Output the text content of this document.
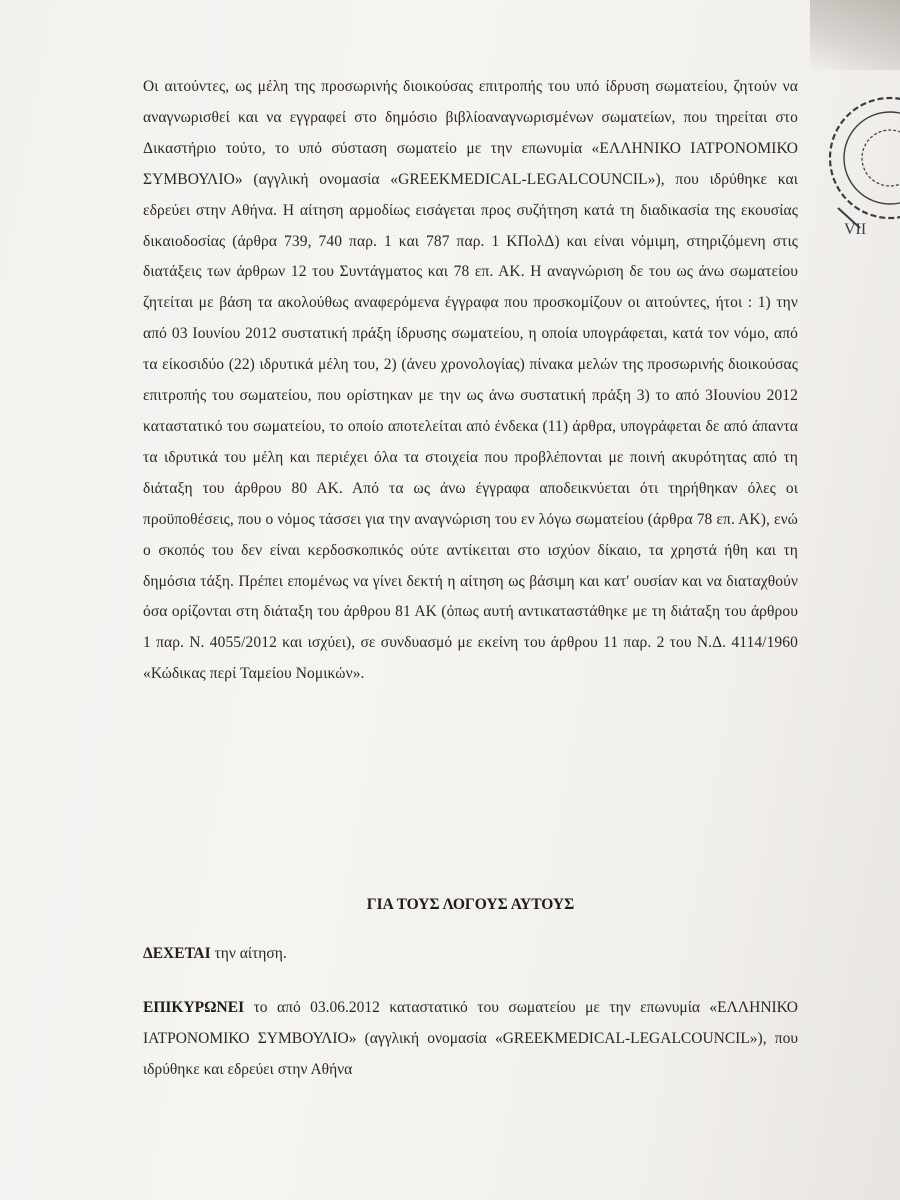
Οι αιτούντες, ως μέλη της προσωρινής διοικούσας επιτροπής του υπό ίδρυση σωματείου, ζητούν να αναγνωρισθεί και να εγγραφεί στο δημόσιο βιβλίοαναγνωρισμένων σωματείων, που τηρείται στο Δικαστήριο τούτο, το υπό σύσταση σωματείο με την επωνυμία «ΕΛΛΗΝΙΚΟ ΙΑΤΡΟΝΟΜΙΚΟ ΣΥΜΒΟΥΛΙΟ» (αγγλική ονομασία «GREEKMEDICAL-LEGALCOUNCIL»), που ιδρύθηκε και εδρεύει στην Αθήνα. Η αίτηση αρμοδίως εισάγεται προς συζήτηση κατά τη διαδικασία της εκουσίας δικαιοδοσίας (άρθρα 739, 740 παρ. 1 και 787 παρ. 1 ΚΠολΔ) και είναι νόμιμη, στηριζόμενη στις διατάξεις των άρθρων 12 του Συντάγματος και 78 επ. ΑΚ. Η αναγνώριση δε του ως άνω σωματείου ζητείται με βάση τα ακολούθως αναφερόμενα έγγραφα που προσκομίζουν οι αιτούντες, ήτοι : 1) την από 03 Ιουνίου 2012 συστατική πράξη ίδρυσης σωματείου, η οποία υπογράφεται, κατά τον νόμο, από τα είκοσιδύο (22) ιδρυτικά μέλη του, 2) (άνευ χρονολογίας) πίνακα μελών της προσωρινής διοικούσας επιτροπής του σωματείου, που ορίστηκαν με την ως άνω συστατική πράξη 3) το από 3Ιουνίου 2012 καταστατικό του σωματείου, το οποίο αποτελείται από ένδεκα (11) άρθρα, υπογράφεται δε από άπαντα τα ιδρυτικά του μέλη και περιέχει όλα τα στοιχεία που προβλέπονται με ποινή ακυρότητας από τη διάταξη του άρθρου 80 ΑΚ. Από τα ως άνω έγγραφα αποδεικνύεται ότι τηρήθηκαν όλες οι προϋποθέσεις, που ο νόμος τάσσει για την αναγνώριση του εν λόγω σωματείου (άρθρα 78 επ. ΑΚ), ενώ ο σκοπός του δεν είναι κερδοσκοπικός ούτε αντίκειται στο ισχύον δίκαιο, τα χρηστά ήθη και τη δημόσια τάξη. Πρέπει επομένως να γίνει δεκτή η αίτηση ως βάσιμη και κατ' ουσίαν και να διαταχθούν όσα ορίζονται στη διάταξη του άρθρου 81 ΑΚ (όπως αυτή αντικαταστάθηκε με τη διάταξη του άρθρου 1 παρ. Ν. 4055/2012 και ισχύει), σε συνδυασμό με εκείνη του άρθρου 11 παρ. 2 του Ν.Δ. 4114/1960 «Κώδικας περί Ταμείου Νομικών».

ΓΙΑ ΤΟΥΣ ΛΟΓΟΥΣ ΑΥΤΟΥΣ
ΔΕΧΕΤΑΙ την αίτηση.

ΕΠΙΚΥΡΩΝΕΙ το από 03.06.2012 καταστατικό του σωματείου με την επωνυμία «ΕΛΛΗΝΙΚΟ ΙΑΤΡΟΝΟΜΙΚΟ ΣΥΜΒΟΥΛΙΟ» (αγγλική ονομασία «GREEKMEDICAL-LEGALCOUNCIL»), που ιδρύθηκε και εδρεύει στην Αθήνα

VII
